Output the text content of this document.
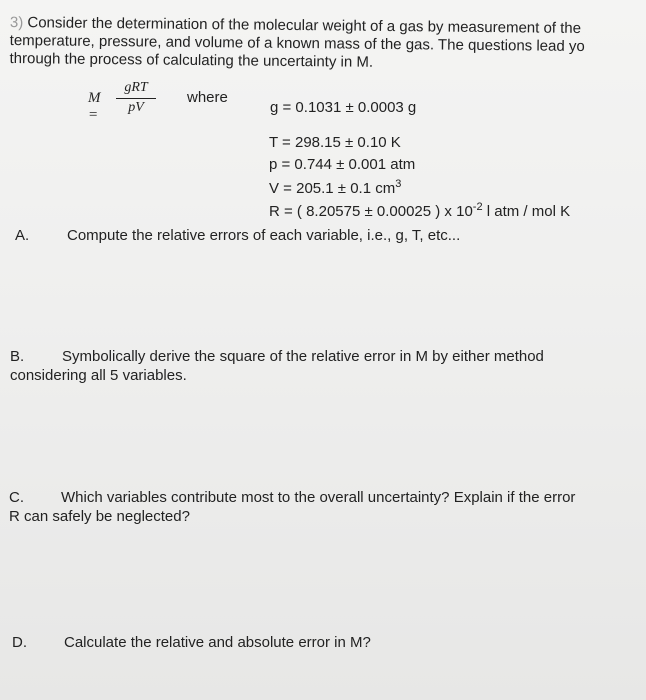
3) Consider the determination of the molecular weight of a gas by measurement of the
temperature, pressure, and volume of a known mass of the gas. The questions lead yo
through the process of calculating the uncertainty in M.
M =
gRT
pV
where
g = 0.1031 ± 0.0003 g
T = 298.15 ± 0.10 K
p = 0.744 ± 0.001 atm
V = 205.1 ± 0.1 $cm^3$
R = ( 8.20575 ± 0.00025 ) x $10^{-2}$ l atm / mol K
A.	Compute the relative errors of each variable, i.e., g, T, etc...
B.	Symbolically derive the square of the relative error in M by either method
considering all 5 variables.
C. Which variables contribute most to the overall uncertainty? Explain if the error
R can safely be neglected?
D. Calculate the relative and absolute error in M?
